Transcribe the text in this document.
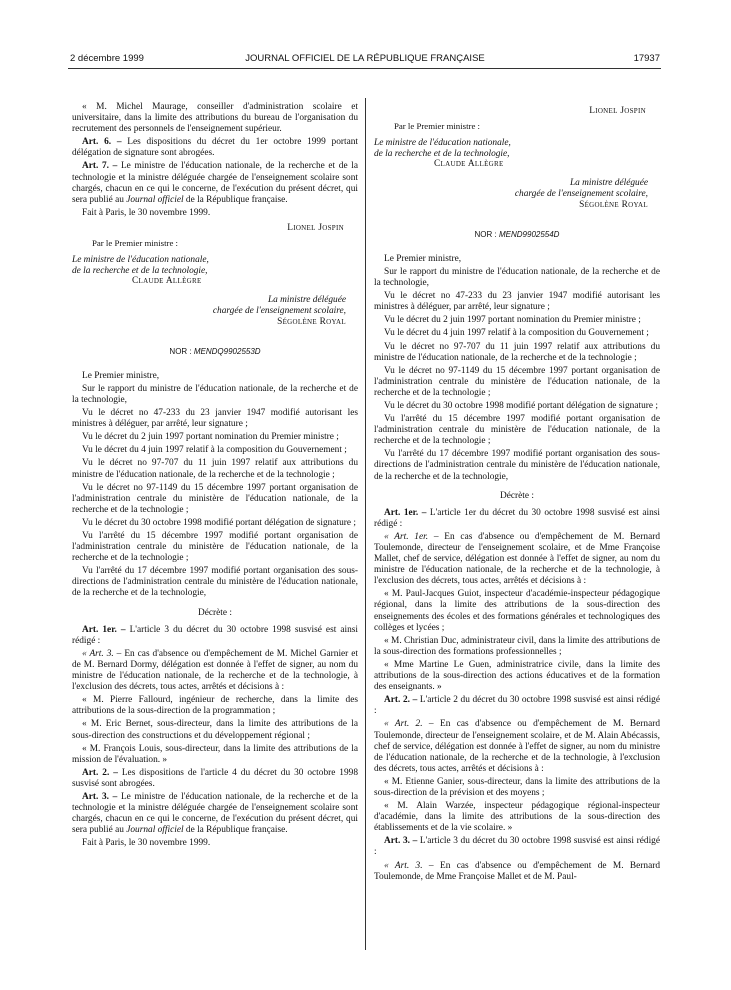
2 décembre 1999	JOURNAL OFFICIEL DE LA RÉPUBLIQUE FRANÇAISE	17937

« M. Michel Maurage, conseiller d'administration scolaire et universitaire, dans la limite des attributions du bureau de l'organisation du recrutement des personnels de l'enseignement supérieur.

Art. 6. – Les dispositions du décret du 1er octobre 1999 portant délégation de signature sont abrogées.

Art. 7. – Le ministre de l'éducation nationale, de la recherche et de la technologie et la ministre déléguée chargée de l'enseignement scolaire sont chargés, chacun en ce qui le concerne, de l'exécution du présent décret, qui sera publié au Journal officiel de la République française.

Fait à Paris, le 30 novembre 1999.

Lionel Jospin
Par le Premier ministre :
Le ministre de l'éducation nationale,
de la recherche et de la technologie,
Claude Allègre
La ministre déléguée
chargée de l'enseignement scolaire,
Ségolène Royal
NOR : MENDQ9902553D

Le Premier ministre,

Sur le rapport du ministre de l'éducation nationale, de la recherche et de la technologie,

Vu le décret no 47-233 du 23 janvier 1947 modifié autorisant les ministres à déléguer, par arrêté, leur signature ;

Vu le décret du 2 juin 1997 portant nomination du Premier ministre ;

Vu le décret du 4 juin 1997 relatif à la composition du Gouvernement ;

Vu le décret no 97-707 du 11 juin 1997 relatif aux attributions du ministre de l'éducation nationale, de la recherche et de la technologie ;

Vu le décret no 97-1149 du 15 décembre 1997 portant organisation de l'administration centrale du ministère de l'éducation nationale, de la recherche et de la technologie ;

Vu le décret du 30 octobre 1998 modifié portant délégation de signature ;

Vu l'arrêté du 15 décembre 1997 modifié portant organisation de l'administration centrale du ministère de l'éducation nationale, de la recherche et de la technologie ;

Vu l'arrêté du 17 décembre 1997 modifié portant organisation des sous-directions de l'administration centrale du ministère de l'éducation nationale, de la recherche et de la technologie,

Décrète :

Art. 1er. – L'article 3 du décret du 30 octobre 1998 susvisé est ainsi rédigé :

« Art. 3. – En cas d'absence ou d'empêchement de M. Michel Garnier et de M. Bernard Dormy, délégation est donnée à l'effet de signer, au nom du ministre de l'éducation nationale, de la recherche et de la technologie, à l'exclusion des décrets, tous actes, arrêtés et décisions à :

« M. Pierre Fallourd, ingénieur de recherche, dans la limite des attributions de la sous-direction de la programmation ;

« M. Eric Bernet, sous-directeur, dans la limite des attributions de la sous-direction des constructions et du développement régional ;

« M. François Louis, sous-directeur, dans la limite des attributions de la mission de l'évaluation. »

Art. 2. – Les dispositions de l'article 4 du décret du 30 octobre 1998 susvisé sont abrogées.

Art. 3. – Le ministre de l'éducation nationale, de la recherche et de la technologie et la ministre déléguée chargée de l'enseignement scolaire sont chargés, chacun en ce qui le concerne, de l'exécution du présent décret, qui sera publié au Journal officiel de la République française.

Fait à Paris, le 30 novembre 1999.

Lionel Jospin
Par le Premier ministre :
Le ministre de l'éducation nationale,
de la recherche et de la technologie,
Claude Allègre
La ministre déléguée
chargée de l'enseignement scolaire,
Ségolène Royal
NOR : MEND9902554D

Le Premier ministre,

Sur le rapport du ministre de l'éducation nationale, de la recherche et de la technologie,

Vu le décret no 47-233 du 23 janvier 1947 modifié autorisant les ministres à déléguer, par arrêté, leur signature ;

Vu le décret du 2 juin 1997 portant nomination du Premier ministre ;

Vu le décret du 4 juin 1997 relatif à la composition du Gouvernement ;

Vu le décret no 97-707 du 11 juin 1997 relatif aux attributions du ministre de l'éducation nationale, de la recherche et de la technologie ;

Vu le décret no 97-1149 du 15 décembre 1997 portant organisation de l'administration centrale du ministère de l'éducation nationale, de la recherche et de la technologie ;

Vu le décret du 30 octobre 1998 modifié portant délégation de signature ;

Vu l'arrêté du 15 décembre 1997 modifié portant organisation de l'administration centrale du ministère de l'éducation nationale, de la recherche et de la technologie ;

Vu l'arrêté du 17 décembre 1997 modifié portant organisation des sous-directions de l'administration centrale du ministère de l'éducation nationale, de la recherche et de la technologie,

Décrète :

Art. 1er. – L'article 1er du décret du 30 octobre 1998 susvisé est ainsi rédigé :

« Art. 1er. – En cas d'absence ou d'empêchement de M. Bernard Toulemonde, directeur de l'enseignement scolaire, et de Mme Françoise Mallet, chef de service, délégation est donnée à l'effet de signer, au nom du ministre de l'éducation nationale, de la recherche et de la technologie, à l'exclusion des décrets, tous actes, arrêtés et décisions à :

« M. Paul-Jacques Guiot, inspecteur d'académie-inspecteur pédagogique régional, dans la limite des attributions de la sous-direction des enseignements des écoles et des formations générales et technologiques des collèges et lycées ;

« M. Christian Duc, administrateur civil, dans la limite des attributions de la sous-direction des formations professionnelles ;

« Mme Martine Le Guen, administratrice civile, dans la limite des attributions de la sous-direction des actions éducatives et de la formation des enseignants. »

Art. 2. – L'article 2 du décret du 30 octobre 1998 susvisé est ainsi rédigé :

« Art. 2. – En cas d'absence ou d'empêchement de M. Bernard Toulemonde, directeur de l'enseignement scolaire, et de M. Alain Abécassis, chef de service, délégation est donnée à l'effet de signer, au nom du ministre de l'éducation nationale, de la recherche et de la technologie, à l'exclusion des décrets, tous actes, arrêtés et décisions à :

« M. Etienne Ganier, sous-directeur, dans la limite des attributions de la sous-direction de la prévision et des moyens ;

« M. Alain Warzée, inspecteur pédagogique régional-inspecteur d'académie, dans la limite des attributions de la sous-direction des établissements et de la vie scolaire. »

Art. 3. – L'article 3 du décret du 30 octobre 1998 susvisé est ainsi rédigé :

« Art. 3. – En cas d'absence ou d'empêchement de M. Bernard Toulemonde, de Mme Françoise Mallet et de M. Paul-
